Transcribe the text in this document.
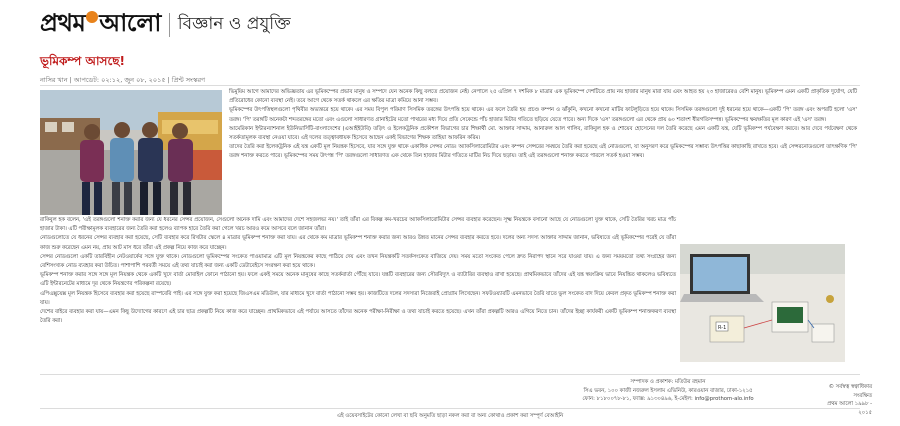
প্রথম আলো বিজ্ঞান ও প্রযুক্তি
ভূমিকম্প আসছে!
নাসির খান | আপডেট: ০২:১২, জুন ০৮, ২০১৫ | প্রিন্ট সংস্করণ

ভিমুয়িম আগে আমাদের অভিজ্ঞতায় এর ভূমিকম্পের প্রভাব মানুষ ও সম্পদে যেন অনেক কিছু বলতে প্রয়োজন নেই। নেপালে ২৫ এপ্রিল ৭ দশমিক ৮ মাত্রার এক ভূমিকম্পে দেশটিতে প্রায় নয় হাজার মানুষ মারা যায় এবং আহত হয় ২৩ হাজারেরও বেশি মানুষ। ভূমিকম্প এমন একটি প্রাকৃতিক দুর্যোগ, যেটি প্রতিরোধের কোনো ব্যবস্থা নেই। তবে আগে থেকে সতর্ক থাকলে এর ক্ষতির মাত্রা কমিয়ে আনা সম্ভব।

ভূমিকম্পের উৎপত্তিস্থলগুলো পৃথিবীর অভ্যন্তরে হয়ে থাকে। এর সময় বিপুল পরিমাণ সিসমিক তরঙ্গের উৎপত্তি হয়ে থাকে। এর ফলে তৈরি হয় প্রচণ্ড কম্পন ও ঝাঁকুনি, কখনো কখনো মাটির ফাটলুড়িতে হয়ে থাকে। সিসমিক তরঙ্গগুলো দুই ধরনের হয়ে থাকে—একটি 'পি' তরঙ্গ এবং অপরটি হলো 'এস' তরঙ্গ। 'পি' তরঙ্গটি অনেকটা শব্দতরঙ্গের মতো এবং এগুলো সাধারণত গ্রানাইটের মতো পাথরের মধ্য দিয়ে প্রতি সেকেন্ডে পাঁচ হাজার মিটার গতিতে ছড়িয়ে যেতে পারে। অন্য দিকে 'এস' তরঙ্গগুলো এর থেকে প্রায় ৬০ শতাংশ ধীরগতিসম্পন্ন। ভূমিকম্পের ক্ষয়ক্ষতির মূল কারণ এই 'এস' তরঙ্গ।

আমেরিকান ইন্টারন্যাশনাল ইউনিভার্সিটি-বাংলাদেশের (এআইইউবি) তড়িৎ ও ইলেকট্রনিক প্রকৌশল বিভাগের চার শিক্ষার্থী মো. আক্তার সাদ্দাম, আনারুল আল গালিব, রাকিবুল হক ও শোয়েব হোসেনের দল তৈরি করেছে এমন একটি যন্ত্র, যেটি ভূমিকম্প পর্যবেক্ষণ করবে। আর দেবে পর্যবেক্ষণ থেকে সতর্কতামূলক ব্যবস্থা নেওয়া যাবে। এই দলের তত্ত্বাবধায়ক হিসেবে আছেন একই বিভাগের শিক্ষক তাহিয়া আফরিন করিম।

তাদের তৈরি করা ইলেকট্রনিক এই যন্ত্র একটি মূল নিয়ন্ত্রক হিসেবে, যার সঙ্গে যুক্ত থাকে একাধিক সেন্সর নোড। অ্যাকসিলারোমিটার এবং কম্পন সেন্সরের সমন্বয়ে তৈরি করা হয়েছে এই নোডগুলো, যা অনুসরণ করে ভূমিকম্পের সম্ভাব্য উৎপত্তির কাছাকাছি রাখতে হবে। এই সেন্সরনোডগুলো তাৎক্ষণিক 'পি' তরঙ্গ শনাক্ত করতে পারে। ভূমিকম্পের সময় উৎপন্ন 'পি' তরঙ্গগুলো সাধারণত এক থেকে তিন হাজার মিটার গতিতে মাটির নিচ দিয়ে ছড়ায়। তাই এই তরঙ্গগুলো শনাক্ত করতে পারলে সতর্ক হওয়া সম্ভব।

রাকিবুল হক বলেন, 'এই তরঙ্গগুলো শনাক্ত করার জন্য যে ধরনের সেন্সর প্রয়োজন, সেগুলো অনেক দামি এবং আমাদের দেশে সহজলভ্য নয়।' তাই তাঁরা এর বিকল্প কম-খরচের অ্যাকসিলারোমিটার সেন্সর ব্যবহার করেছেন। সূক্ষ্ম নিয়ন্ত্রকে বসানো আছে যে নোডগুলো যুক্ত থাকে, সেটি তৈরির খরচ মাত্র পাঁচ হাজার টাকা। এটি পরীক্ষামূলক ব্যবহারের জন্য তৈরি করা হলেও ব্যাপক হারে তৈরি করা গেলে খরচ আরও কমে আসবে বলে জানান তাঁরা।

নোডগুলোতে যে ধরনের সেন্সর ব্যবহার করা হয়েছে, সেটি ব্যবহার করে রিখটার স্কেলে ৪ মাত্রার ভূমিকম্প শনাক্ত করা যায়। এর থেকে কম মাত্রার ভূমিকম্প শনাক্ত করার জন্য আরও উন্নত মানের সেন্সর ব্যবহার করতে হবে। দলের অন্য সদস্য আক্তার সাদ্দাম জানান, ভবিষ্যতে এই ভূমিকম্পের পরেই যে তাঁরা কাজ শুরু করেছেন এমন নয়, প্রায় আট মাস ধরে তাঁরা এই প্রকল্প নিয়ে কাজ করে যাচ্ছেন।

সেন্সর নোডগুলো একটি তারবিহীন নেটওয়ার্কের সঙ্গে যুক্ত থাকে। নোডগুলো ভূমিকম্পের সংকেত পাওয়ামাত্র এটি মূল নিয়ন্ত্রকের কাছে পাঠিয়ে দেয় এবং তখন নিয়ন্ত্রকটি সতর্কসংকেত বাজিয়ে দেয়। সময় মতো সংকেত পেলে দ্রুত নিরাপদ স্থানে সরে যাওয়া যায়। এ জন্য সময়মতো তথ্য সংগ্রহের জন্য বেশিসংখ্যক নোড ব্যবহার করা উচিত। পাশাপাশি পরবর্তী সময়ে এই তথ্য যাচাই করা জন্য একটি ডেটাবেইসে সংরক্ষণ করা হয়ে থাকে।

ভূমিকম্প শনাক্ত করার সঙ্গে সঙ্গে মূল নিয়ন্ত্রক থেকে একটি খুদে বার্তা মোবাইল ফোনে পাঠানো হয়। ফলে একই সময়ে অনেক মানুষের কাছে সতর্কবার্তা পৌঁছে যাবে। যন্ত্রটি ব্যবহারের জন্য সৌরবিদ্যুৎ ও ব্যাটারির ব্যবস্থাও রাখা হয়েছে। প্রাথমিকভাবে তাঁদের এই যন্ত্র স্বয়ংক্রিয় ভাবে নিয়ন্ত্রিত থাকলেও ভবিষ্যতে এটি ইন্টারনেটের মাধ্যমে দূর থেকে নিয়ন্ত্রণের পরিকল্পনা রয়েছে।

এপিএক্সুয়েক্স মূল নিয়ন্ত্রক হিসেবে ব্যবহার করা হয়েছে রাস্পবেরি পাই। এর সঙ্গে যুক্ত করা হয়েছে জিএসএম মডিউল, যার মাধ্যমে খুদে বার্তা পাঠানো সম্ভব হয়। কাজটিতে দলের সদস্যরা নিজেরাই প্রোগ্রাম লিখেছেন। সফটওয়্যারটি এমনভাবে তৈরি যাতে ভুল সংকেত বাদ দিয়ে কেবল প্রকৃত ভূমিকম্প শনাক্ত করা যায়।

দেশের বাইরে ব্যবহার করা যায়—এমন কিছু উদ্যোগের কারণে এই চার ছাত্র প্রকল্পটি নিয়ে কাজ করে যাচ্ছেন। প্রাথমিকভাবে এই পর্যায়ে আসতে তাঁদের অনেক পরীক্ষা-নিরীক্ষা ও তথ্য যাচাই করতে হয়েছে। এখন তাঁরা প্রকল্পটি আরও এগিয়ে নিতে চান। তাঁদের ইচ্ছা কার্যকরী একটি ভূমিকম্প শনাক্তকরণ ব্যবস্থা তৈরি করা।

R-1
সম্পাদক ও প্রকাশক: মতিউর রহমান
সিএ ভবন, ১০০ কাজী নজরুল ইসলাম এভিনিউ, কারওয়ান বাজার, ঢাকা-১২১৫
ফোন: ৮১৮০০৭৮-৮১, ফ্যাক্স: ৯১৩০৪৯৬, ই-মেইল: info@prothom-alo.info
© সর্বস্বত্ব স্বত্বাধিকার সংরক্ষিত
প্রথম আলো ১৯৯৮ - ২০১৫
এই ওয়েবসাইটের কোনো লেখা বা ছবি অনুমতি ছাড়া নকল করা বা অন্য কোথাও প্রকাশ করা সম্পূর্ণ বেআইনি
